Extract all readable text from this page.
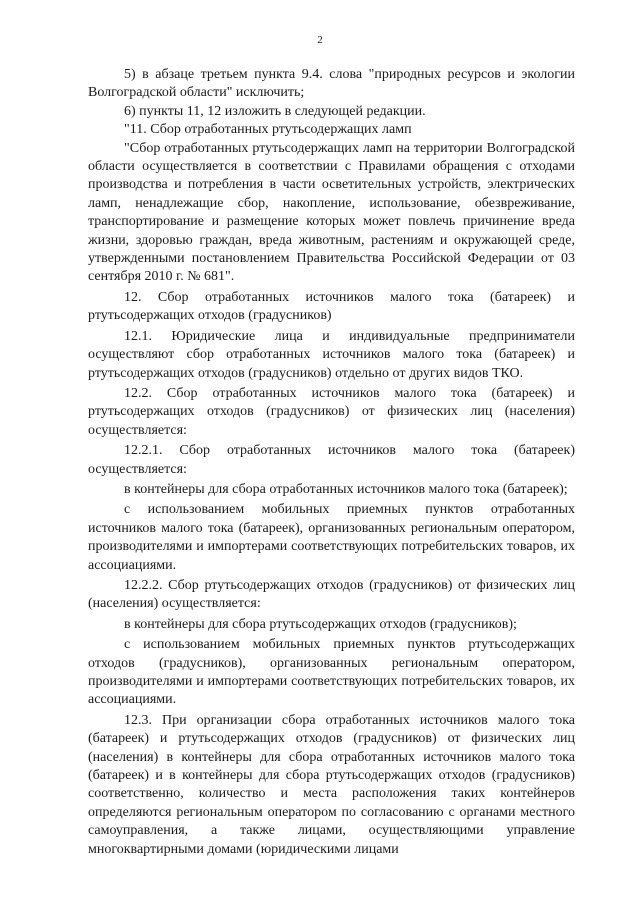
2

5) в абзаце третьем пункта 9.4. слова "природных ресурсов и экологии Волгоградской области" исключить;

6) пункты 11, 12 изложить в следующей редакции.

"11. Сбор отработанных ртутьсодержащих ламп

"Сбор отработанных ртутьсодержащих ламп на территории Волгоградской области осуществляется в соответствии с Правилами обращения с отходами производства и потребления в части осветительных устройств, электрических ламп, ненадлежащие сбор, накопление, использование, обезвреживание, транспортирование и размещение которых может повлечь причинение вреда жизни, здоровью граждан, вреда животным, растениям и окружающей среде, утвержденными постановлением Правительства Российской Федерации от 03 сентября 2010 г. № 681".

12. Сбор отработанных источников малого тока (батареек) и ртутьсодержащих отходов (градусников)

12.1. Юридические лица и индивидуальные предприниматели осуществляют сбор отработанных источников малого тока (батареек) и ртутьсодержащих отходов (градусников) отдельно от других видов ТКО.

12.2. Сбор отработанных источников малого тока (батареек) и ртутьсодержащих отходов (градусников) от физических лиц (населения) осуществляется:

12.2.1. Сбор отработанных источников малого тока (батареек) осуществляется:

в контейнеры для сбора отработанных источников малого тока (батареек);

с использованием мобильных приемных пунктов отработанных источников малого тока (батареек), организованных региональным оператором, производителями и импортерами соответствующих потребительских товаров, их ассоциациями.

12.2.2. Сбор ртутьсодержащих отходов (градусников) от физических лиц (населения) осуществляется:

в контейнеры для сбора ртутьсодержащих отходов (градусников);

с использованием мобильных приемных пунктов ртутьсодержащих отходов (градусников), организованных региональным оператором, производителями и импортерами соответствующих потребительских товаров, их ассоциациями.

12.3. При организации сбора отработанных источников малого тока (батареек) и ртутьсодержащих отходов (градусников) от физических лиц (населения) в контейнеры для сбора отработанных источников малого тока (батареек) и в контейнеры для сбора ртутьсодержащих отходов (градусников) соответственно, количество и места расположения таких контейнеров определяются региональным оператором по согласованию с органами местного самоуправления, а также лицами, осуществляющими управление многоквартирными домами (юридическими лицами
